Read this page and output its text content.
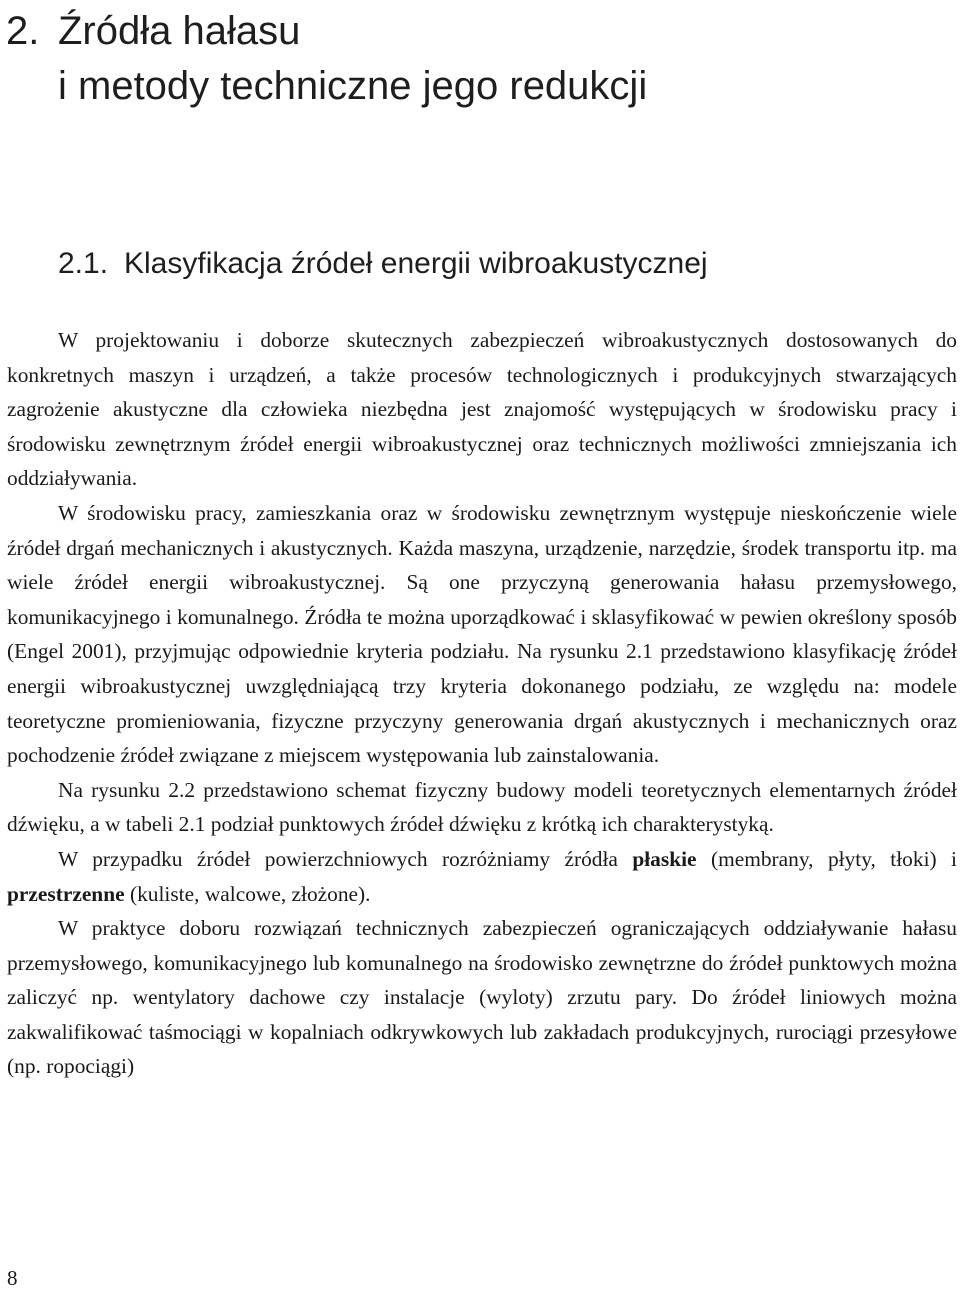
2. Źródła hałasu
i metody techniczne jego redukcji
2.1. Klasyfikacja źródeł energii wibroakustycznej

W projektowaniu i doborze skutecznych zabezpieczeń wibroakustycznych dostosowanych do konkretnych maszyn i urządzeń, a także procesów technologicznych i produkcyjnych stwarzających zagrożenie akustyczne dla człowieka niezbędna jest znajomość występujących w środowisku pracy i środowisku zewnętrznym źródeł energii wibroakustycznej oraz technicznych możliwości zmniejszania ich oddziaływania.

W środowisku pracy, zamieszkania oraz w środowisku zewnętrznym występuje nieskończenie wiele źródeł drgań mechanicznych i akustycznych. Każda maszyna, urządzenie, narzędzie, środek transportu itp. ma wiele źródeł energii wibroakustycznej. Są one przyczyną generowania hałasu przemysłowego, komunikacyjnego i komunalnego. Źródła te można uporządkować i sklasyfikować w pewien określony sposób (Engel 2001), przyjmując odpowiednie kryteria podziału. Na rysunku 2.1 przedstawiono klasyfikację źródeł energii wibroakustycznej uwzględniającą trzy kryteria dokonanego podziału, ze względu na: modele teoretyczne promieniowania, fizyczne przyczyny generowania drgań akustycznych i mechanicznych oraz pochodzenie źródeł związane z miejscem występowania lub zainstalowania.

Na rysunku 2.2 przedstawiono schemat fizyczny budowy modeli teoretycznych elementarnych źródeł dźwięku, a w tabeli 2.1 podział punktowych źródeł dźwięku z krótką ich charakterystyką.

W przypadku źródeł powierzchniowych rozróżniamy źródła płaskie (membrany, płyty, tłoki) i przestrzenne (kuliste, walcowe, złożone).

W praktyce doboru rozwiązań technicznych zabezpieczeń ograniczających oddziaływanie hałasu przemysłowego, komunikacyjnego lub komunalnego na środowisko zewnętrzne do źródeł punktowych można zaliczyć np. wentylatory dachowe czy instalacje (wyloty) zrzutu pary. Do źródeł liniowych można zakwalifikować taśmociągi w kopalniach odkrywkowych lub zakładach produkcyjnych, rurociągi przesyłowe (np. ropociągi)

8
